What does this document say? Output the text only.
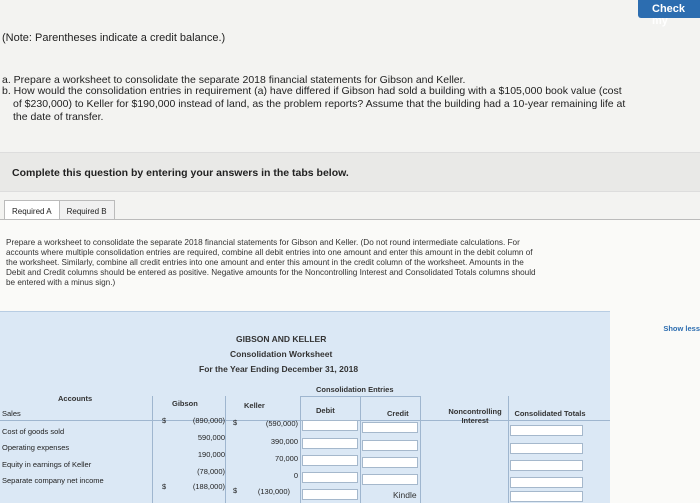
Check my
(Note: Parentheses indicate a credit balance.)
a. Prepare a worksheet to consolidate the separate 2018 financial statements for Gibson and Keller.
b. How would the consolidation entries in requirement (a) have differed if Gibson had sold a building with a $105,000 book value (cost
of $230,000) to Keller for $190,000 instead of land, as the problem reports? Assume that the building had a 10-year remaining life at
the date of transfer.
Complete this question by entering your answers in the tabs below.
Required A	Required B
Prepare a worksheet to consolidate the separate 2018 financial statements for Gibson and Keller. (Do not round intermediate calculations. For
accounts where multiple consolidation entries are required, combine all debit entries into one amount and enter this amount in the debit column of
the worksheet. Similarly, combine all credit entries into one amount and enter this amount in the credit column of the worksheet. Amounts in the
Debit and Credit columns should be entered as positive. Negative amounts for the Noncontrolling Interest and Consolidated Totals columns should
be entered with a minus sign.)
Show less
GIBSON AND KELLER
Consolidation Worksheet
For the Year Ending December 31, 2018
Consolidation Entries
Accounts
Gibson	Keller
Debit	Credit	Noncontrolling Interest
Consolidated Totals
Sales
$	(890,000) $	(590,000)
Cost of goods sold
590,000	390,000
Operating expenses
190,000	70,000
Equity in earnings of Keller
(78,000)	0
Separate company net income
$	(188,000) $	(130,000)	Kindle
